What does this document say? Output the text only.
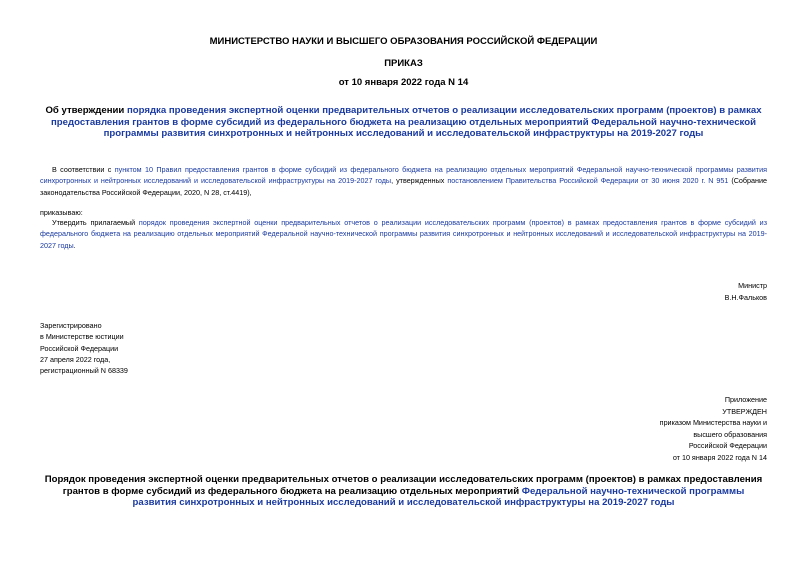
МИНИСТЕРСТВО НАУКИ И ВЫСШЕГО ОБРАЗОВАНИЯ РОССИЙСКОЙ ФЕДЕРАЦИИ
ПРИКАЗ
от 10 января 2022 года N 14
Об утверждении порядка проведения экспертной оценки предварительных отчетов о реализации исследовательских программ (проектов) в рамках предоставления грантов в форме субсидий из федерального бюджета на реализацию отдельных мероприятий Федеральной научно-технической программы развития синхротронных и нейтронных исследований и исследовательской инфраструктуры на 2019-2027 годы
В соответствии с пунктом 10 Правил предоставления грантов в форме субсидий из федерального бюджета на реализацию отдельных мероприятий Федеральной научно-технической программы развития синхротронных и нейтронных исследований и исследовательской инфраструктуры на 2019-2027 годы, утвержденных постановлением Правительства Российской Федерации от 30 июня 2020 г. N 951 (Собрание законодательства Российской Федерации, 2020, N 28, ст.4419),
приказываю:
Утвердить прилагаемый порядок проведения экспертной оценки предварительных отчетов о реализации исследовательских программ (проектов) в рамках предоставления грантов в форме субсидий из федерального бюджета на реализацию отдельных мероприятий Федеральной научно-технической программы развития синхротронных и нейтронных исследований и исследовательской инфраструктуры на 2019-2027 годы.
Министр
В.Н.Фальков
Зарегистрировано
в Министерстве юстиции
Российской Федерации
27 апреля 2022 года,
регистрационный N 68339
Приложение
УТВЕРЖДЕН
приказом Министерства науки и
высшего образования
Российской Федерации
от 10 января 2022 года N 14
Порядок проведения экспертной оценки предварительных отчетов о реализации исследовательских программ (проектов) в рамках предоставления грантов в форме субсидий из федерального бюджета на реализацию отдельных мероприятий Федеральной научно-технической программы развития синхротронных и нейтронных исследований и исследовательской инфраструктуры на 2019-2027 годы
